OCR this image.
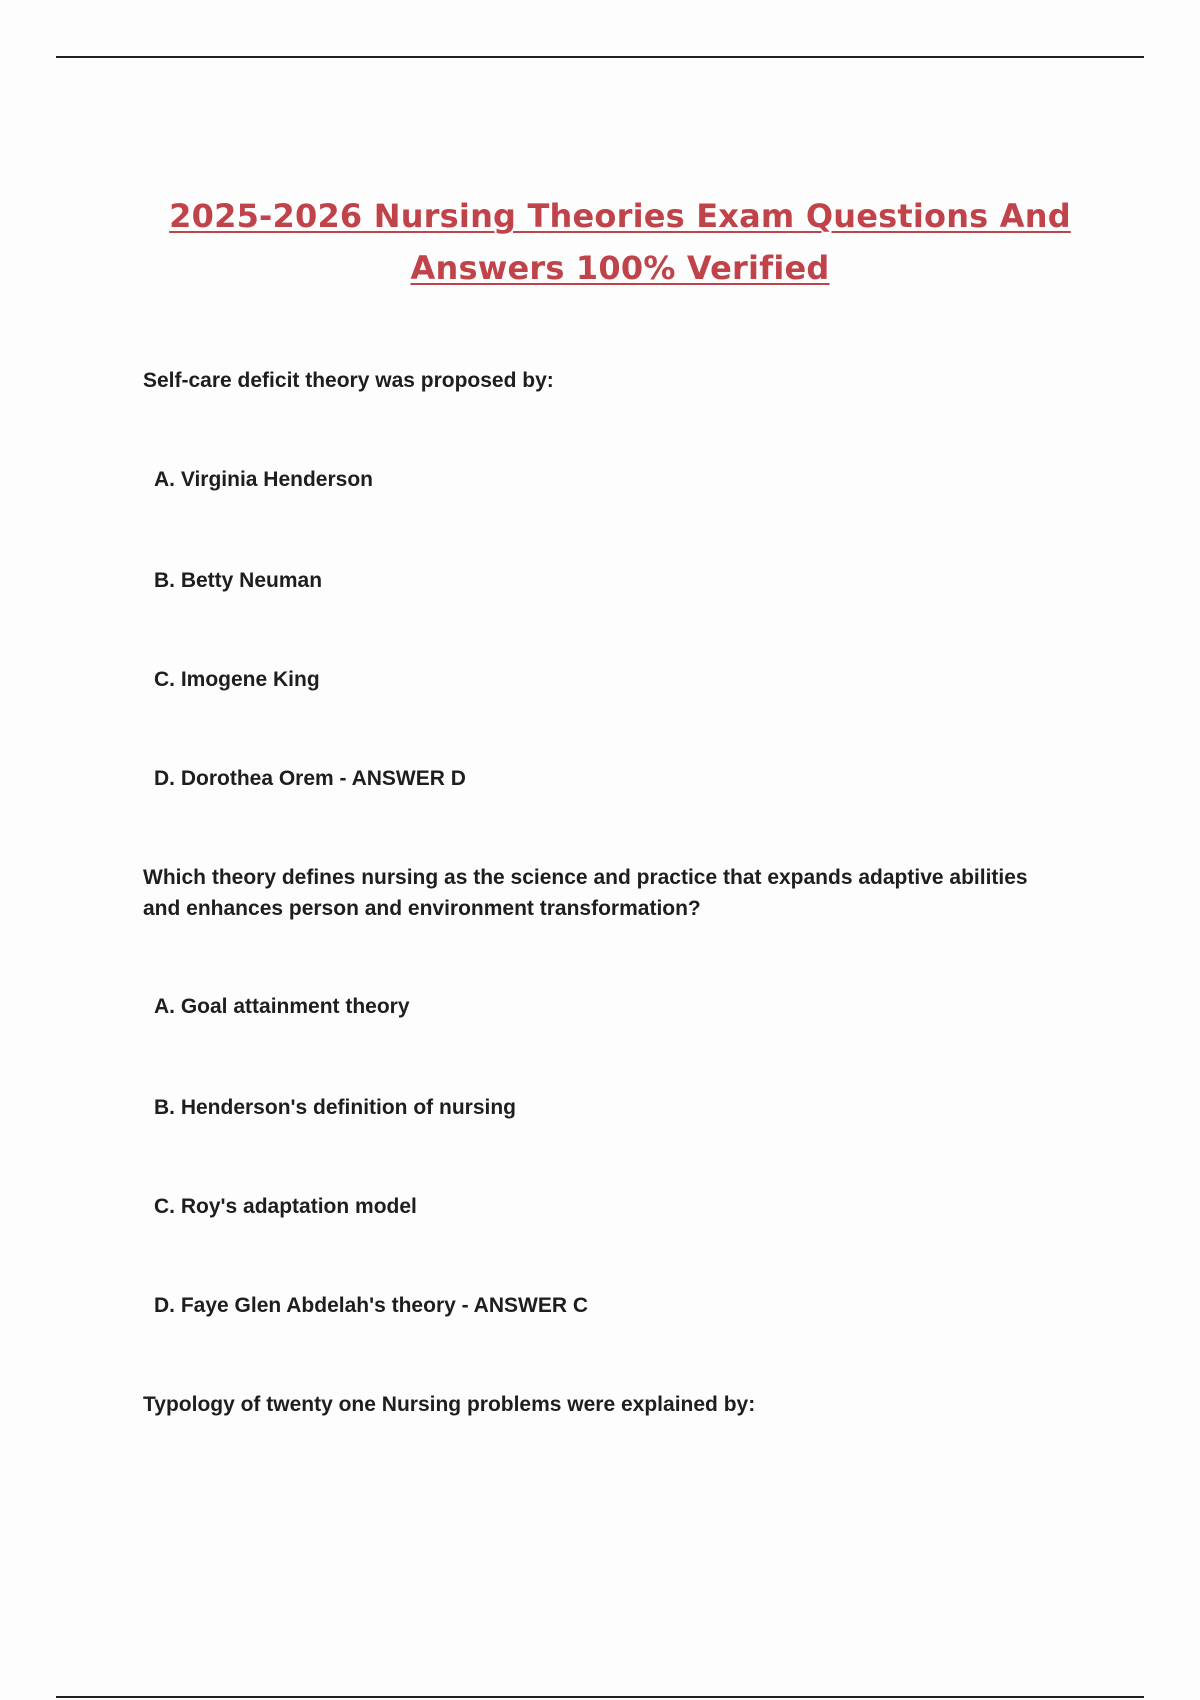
2025-2026 Nursing Theories Exam Questions And
Answers 100% Verified
Self-care deficit theory was proposed by:
A. Virginia Henderson
B. Betty Neuman
C. Imogene King
D. Dorothea Orem - ANSWER D
Which theory defines nursing as the science and practice that expands adaptive abilities and enhances person and environment transformation?
A. Goal attainment theory
B. Henderson's definition of nursing
C. Roy's adaptation model
D. Faye Glen Abdelah's theory - ANSWER C
Typology of twenty one Nursing problems were explained by:
